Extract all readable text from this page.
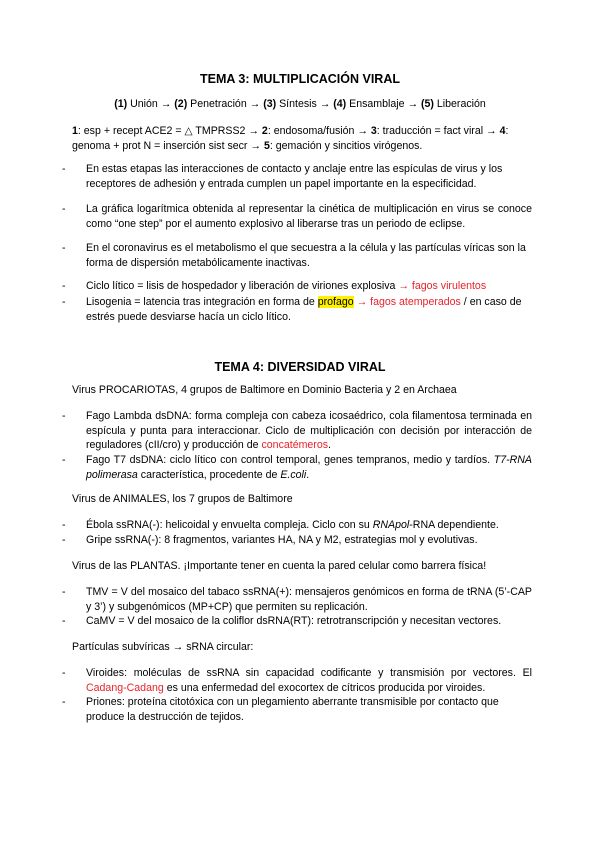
TEMA 3: MULTIPLICACIÓN VIRAL
(1) Unión → (2) Penetración → (3) Síntesis → (4) Ensamblaje → (5) Liberación
1: esp + recept ACE2 = △ TMPRSS2 → 2: endosoma/fusión → 3: traducción = fact viral → 4: genoma + prot N = inserción sist secr → 5: gemación y sincitios virógenos.
- En estas etapas las interacciones de contacto y anclaje entre las espículas de virus y los receptores de adhesión y entrada cumplen un papel importante en la especificidad.
- La gráfica logarítmica obtenida al representar la cinética de multiplicación en virus se conoce como “one step” por el aumento explosivo al liberarse tras un periodo de eclipse.
- En el coronavirus es el metabolismo el que secuestra a la célula y las partículas víricas son la forma de dispersión metabólicamente inactivas.
- Ciclo lítico = lisis de hospedador y liberación de viriones explosiva → fagos virulentos
- Lisogenia = latencia tras integración en forma de profago → fagos atemperados / en caso de estrés puede desviarse hacía un ciclo lítico.
TEMA 4: DIVERSIDAD VIRAL
Virus PROCARIOTAS, 4 grupos de Baltimore en Dominio Bacteria y 2 en Archaea
- Fago Lambda dsDNA: forma compleja con cabeza icosaédrico, cola filamentosa terminada en espícula y punta para interaccionar. Ciclo de multiplicación con decisión por interacción de reguladores (cII/cro) y producción de concatémeros.
- Fago T7 dsDNA: ciclo lítico con control temporal, genes tempranos, medio y tardíos. T7-RNA polimerasa característica, procedente de E.coli.
Virus de ANIMALES, los 7 grupos de Baltimore
- Ébola ssRNA(-): helicoidal y envuelta compleja. Ciclo con su RNApol-RNA dependiente.
- Gripe ssRNA(-): 8 fragmentos, variantes HA, NA y M2, estrategias mol y evolutivas.
Virus de las PLANTAS. ¡Importante tener en cuenta la pared celular como barrera física!
- TMV = V del mosaico del tabaco ssRNA(+): mensajeros genómicos en forma de tRNA (5’-CAP y 3’) y subgenómicos (MP+CP) que permiten su replicación.
- CaMV = V del mosaico de la coliflor dsRNA(RT): retrotranscripción y necesitan vectores.
Partículas subvíricas → sRNA circular:
- Viroides: moléculas de ssRNA sin capacidad codificante y transmisión por vectores. El Cadang-Cadang es una enfermedad del exocortex de cítricos producida por viroides.
- Priones: proteína citotóxica con un plegamiento aberrante transmisible por contacto que produce la destrucción de tejidos.
